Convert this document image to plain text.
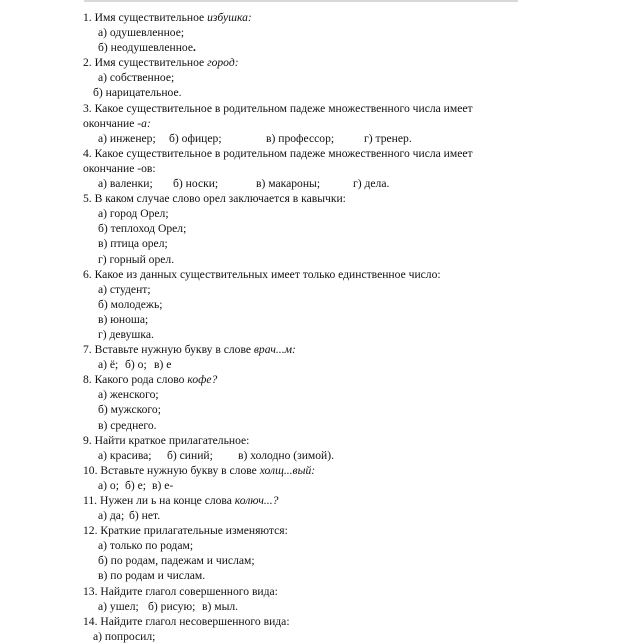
1. Имя существительное избушка:
а) одушевленное;
б) неодушевленное.
2. Имя существительное город:
а) собственное;
б) нарицательное.
3. Какое существительное в родительном падеже множественного числа имеет
окончание -а:
а) инженер; б) офицер;	в) профессор;	г) тренер.
4. Какое существительное в родительном падеже множественного числа имеет
окончание -ов:
а) валенки; б) носки;	в) макароны;	г) дела.
5. В каком случае слово орел заключается в кавычки:
а) город Орел;
б) теплоход Орел;
в) птица орел;
г) горный орел.
6. Какое из данных существительных имеет только единственное число:
а) студент;
б) молодежь;
в) юноша;
г) девушка.
7. Вставьте нужную букву в слове врач...м:
а) ё; б) о; в) е
8. Какого рода слово кофе?
а) женского;
б) мужского;
в) среднего.
9. Найти краткое прилагательное:
а) красива; б) синий; в) холодно (зимой).
10. Вставьте нужную букву в слове холщ...вый:
а) о; б) е; в) е-
11. Нужен ли ь на конце слова колюч...?
а) да; б) нет.
12. Краткие прилагательные изменяются:
а) только по родам;
б) по родам, падежам и числам;
в) по родам и числам.
13. Найдите глагол совершенного вида:
а) ушел; б) рисую; в) мыл.
14. Найдите глагол несовершенного вида:
а) попросил;
